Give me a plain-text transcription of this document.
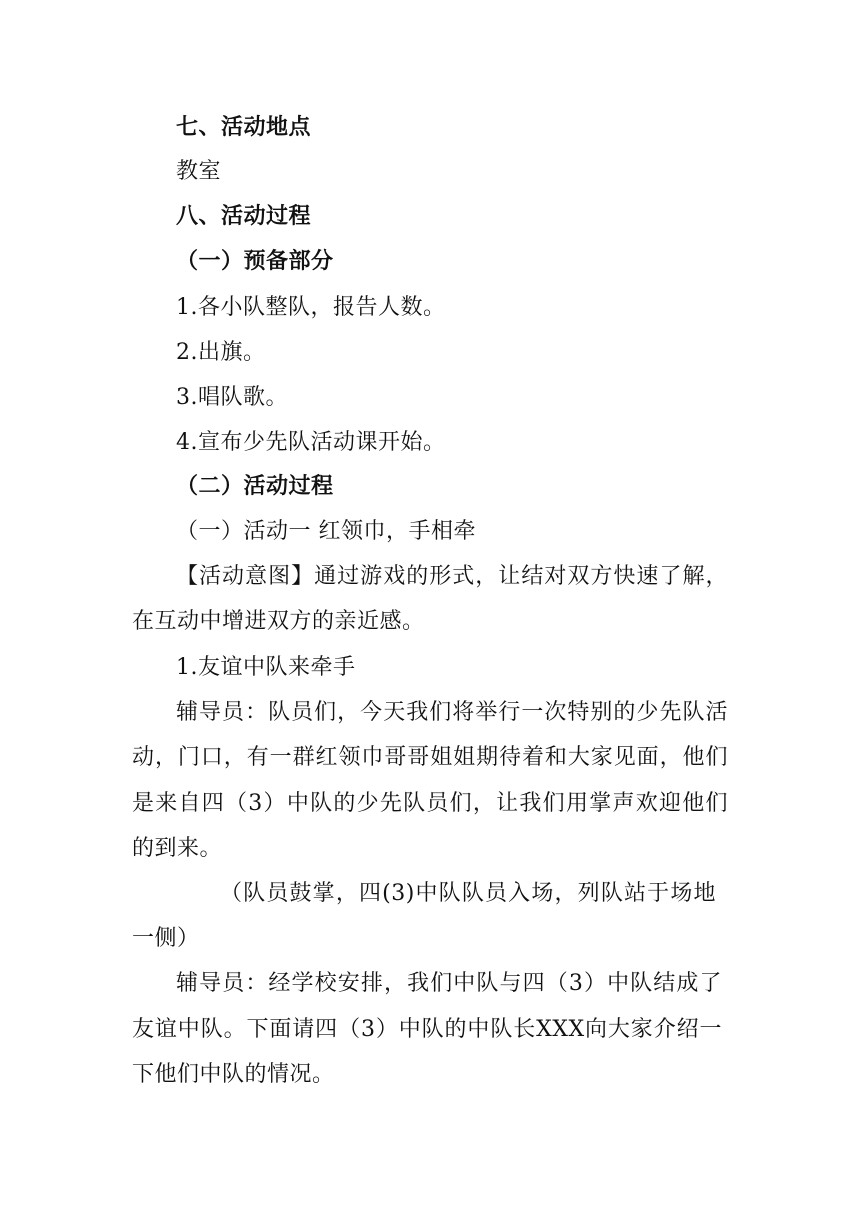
七、活动地点
教室
八、活动过程
（一）预备部分
1.各小队整队，报告人数。
2.出旗。
3.唱队歌。
4.宣布少先队活动课开始。
（二）活动过程
（一）活动一 红领巾，手相牵
【活动意图】通过游戏的形式，让结对双方快速了解，
在互动中增进双方的亲近感。
1.友谊中队来牵手
辅导员：队员们，今天我们将举行一次特别的少先队活
动，门口，有一群红领巾哥哥姐姐期待着和大家见面，他们
是来自四（3）中队的少先队员们，让我们用掌声欢迎他们
的到来。
（队员鼓掌，四(3)中队队员入场，列队站于场地
一侧）
辅导员：经学校安排，我们中队与四（3）中队结成了
友谊中队。下面请四（3）中队的中队长XXX向大家介绍一
下他们中队的情况。
